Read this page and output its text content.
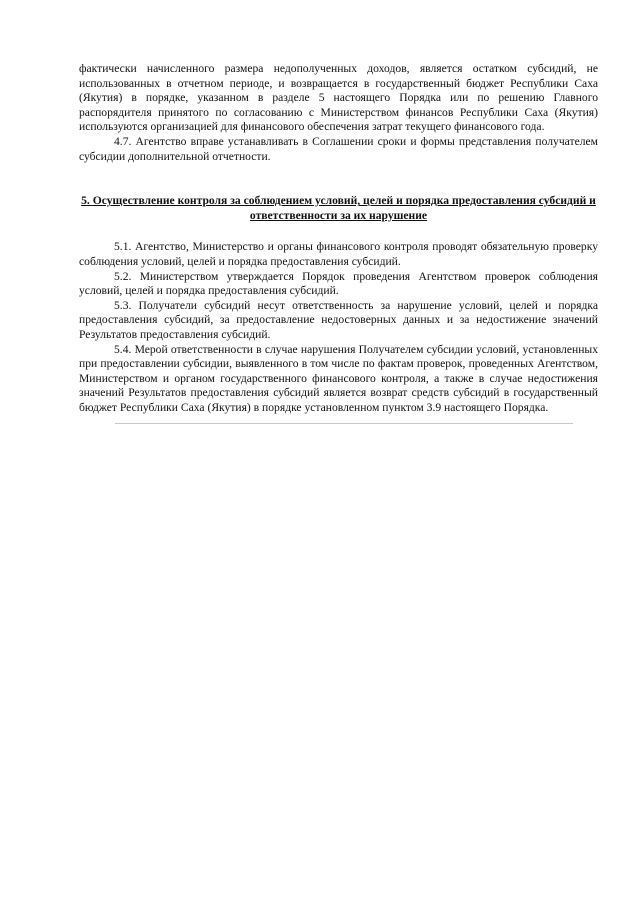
фактически начисленного размера недополученных доходов, является остатком субсидий, не использованных в отчетном периоде, и возвращается в государственный бюджет Республики Саха (Якутия) в порядке, указанном в разделе 5 настоящего Порядка или по решению Главного распорядителя принятого по согласованию с Министерством финансов Республики Саха (Якутия) используются организацией для финансового обеспечения затрат текущего финансового года.

4.7. Агентство вправе устанавливать в Соглашении сроки и формы представления получателем субсидии дополнительной отчетности.

5. Осуществление контроля за соблюдением условий, целей и порядка предоставления субсидий и ответственности за их нарушение

5.1. Агентство, Министерство и органы финансового контроля проводят обязательную проверку соблюдения условий, целей и порядка предоставления субсидий.

5.2. Министерством утверждается Порядок проведения Агентством проверок соблюдения условий, целей и порядка предоставления субсидий.

5.3. Получатели субсидий несут ответственность за нарушение условий, целей и порядка предоставления субсидий, за предоставление недостоверных данных и за недостижение значений Результатов предоставления субсидий.

5.4. Мерой ответственности в случае нарушения Получателем субсидии условий, установленных при предоставлении субсидии, выявленного в том числе по фактам проверок, проведенных Агентством, Министерством и органом государственного финансового контроля, а также в случае недостижения значений Результатов предоставления субсидий является возврат средств субсидий в государственный бюджет Республики Саха (Якутия) в порядке установленном пунктом 3.9 настоящего Порядка.
